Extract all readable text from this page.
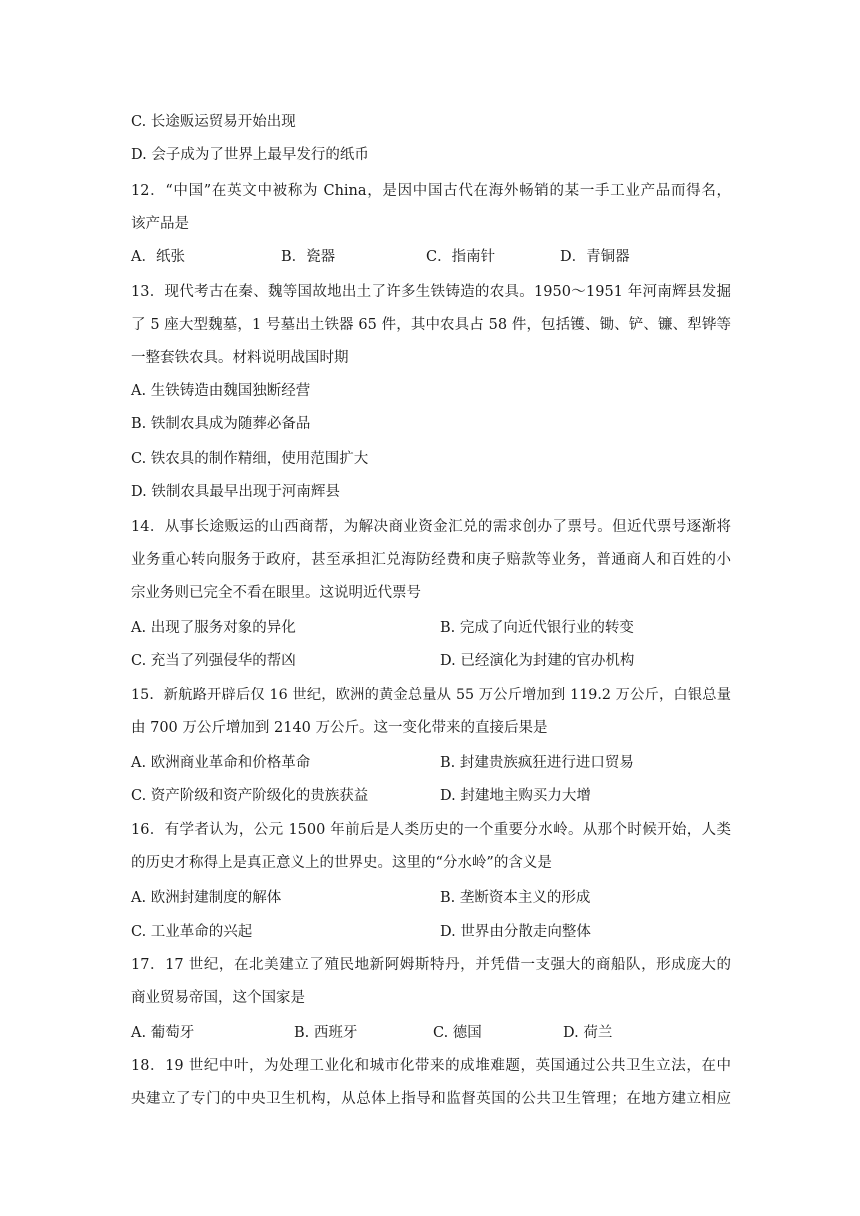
C. 长途贩运贸易开始出现
D. 会子成为了世界上最早发行的纸币
12．“中国”在英文中被称为 China，是因中国古代在海外畅销的某一手工业产品而得名，
该产品是
A．纸张	B．瓷器	C．指南针	D．青铜器
13．现代考古在秦、魏等国故地出土了许多生铁铸造的农具。1950～1951 年河南辉县发掘
了 5 座大型魏墓，1 号墓出土铁器 65 件，其中农具占 58 件，包括镬、锄、铲、镰、犁铧等
一整套铁农具。材料说明战国时期
A. 生铁铸造由魏国独断经营
B. 铁制农具成为随葬必备品
C. 铁农具的制作精细，使用范围扩大
D. 铁制农具最早出现于河南辉县
14．从事长途贩运的山西商帮，为解决商业资金汇兑的需求创办了票号。但近代票号逐渐将
业务重心转向服务于政府，甚至承担汇兑海防经费和庚子赔款等业务，普通商人和百姓的小
宗业务则已完全不看在眼里。这说明近代票号
A. 出现了服务对象的异化	B. 完成了向近代银行业的转变
C. 充当了列强侵华的帮凶	D. 已经演化为封建的官办机构
15．新航路开辟后仅 16 世纪，欧洲的黄金总量从 55 万公斤增加到 119.2 万公斤，白银总量
由 700 万公斤增加到 2140 万公斤。这一变化带来的直接后果是
A. 欧洲商业革命和价格革命	B. 封建贵族疯狂进行进口贸易
C. 资产阶级和资产阶级化的贵族获益	D. 封建地主购买力大增
16．有学者认为，公元 1500 年前后是人类历史的一个重要分水岭。从那个时候开始，人类
的历史才称得上是真正意义上的世界史。这里的“分水岭”的含义是
A. 欧洲封建制度的解体	B. 垄断资本主义的形成
C. 工业革命的兴起	D. 世界由分散走向整体
17．17 世纪，在北美建立了殖民地新阿姆斯特丹，并凭借一支强大的商船队，形成庞大的
商业贸易帝国，这个国家是
A. 葡萄牙	B. 西班牙	C. 德国	D. 荷兰
18．19 世纪中叶，为处理工业化和城市化带来的成堆难题，英国通过公共卫生立法，在中
央建立了专门的中央卫生机构，从总体上指导和监督英国的公共卫生管理；在地方建立相应
